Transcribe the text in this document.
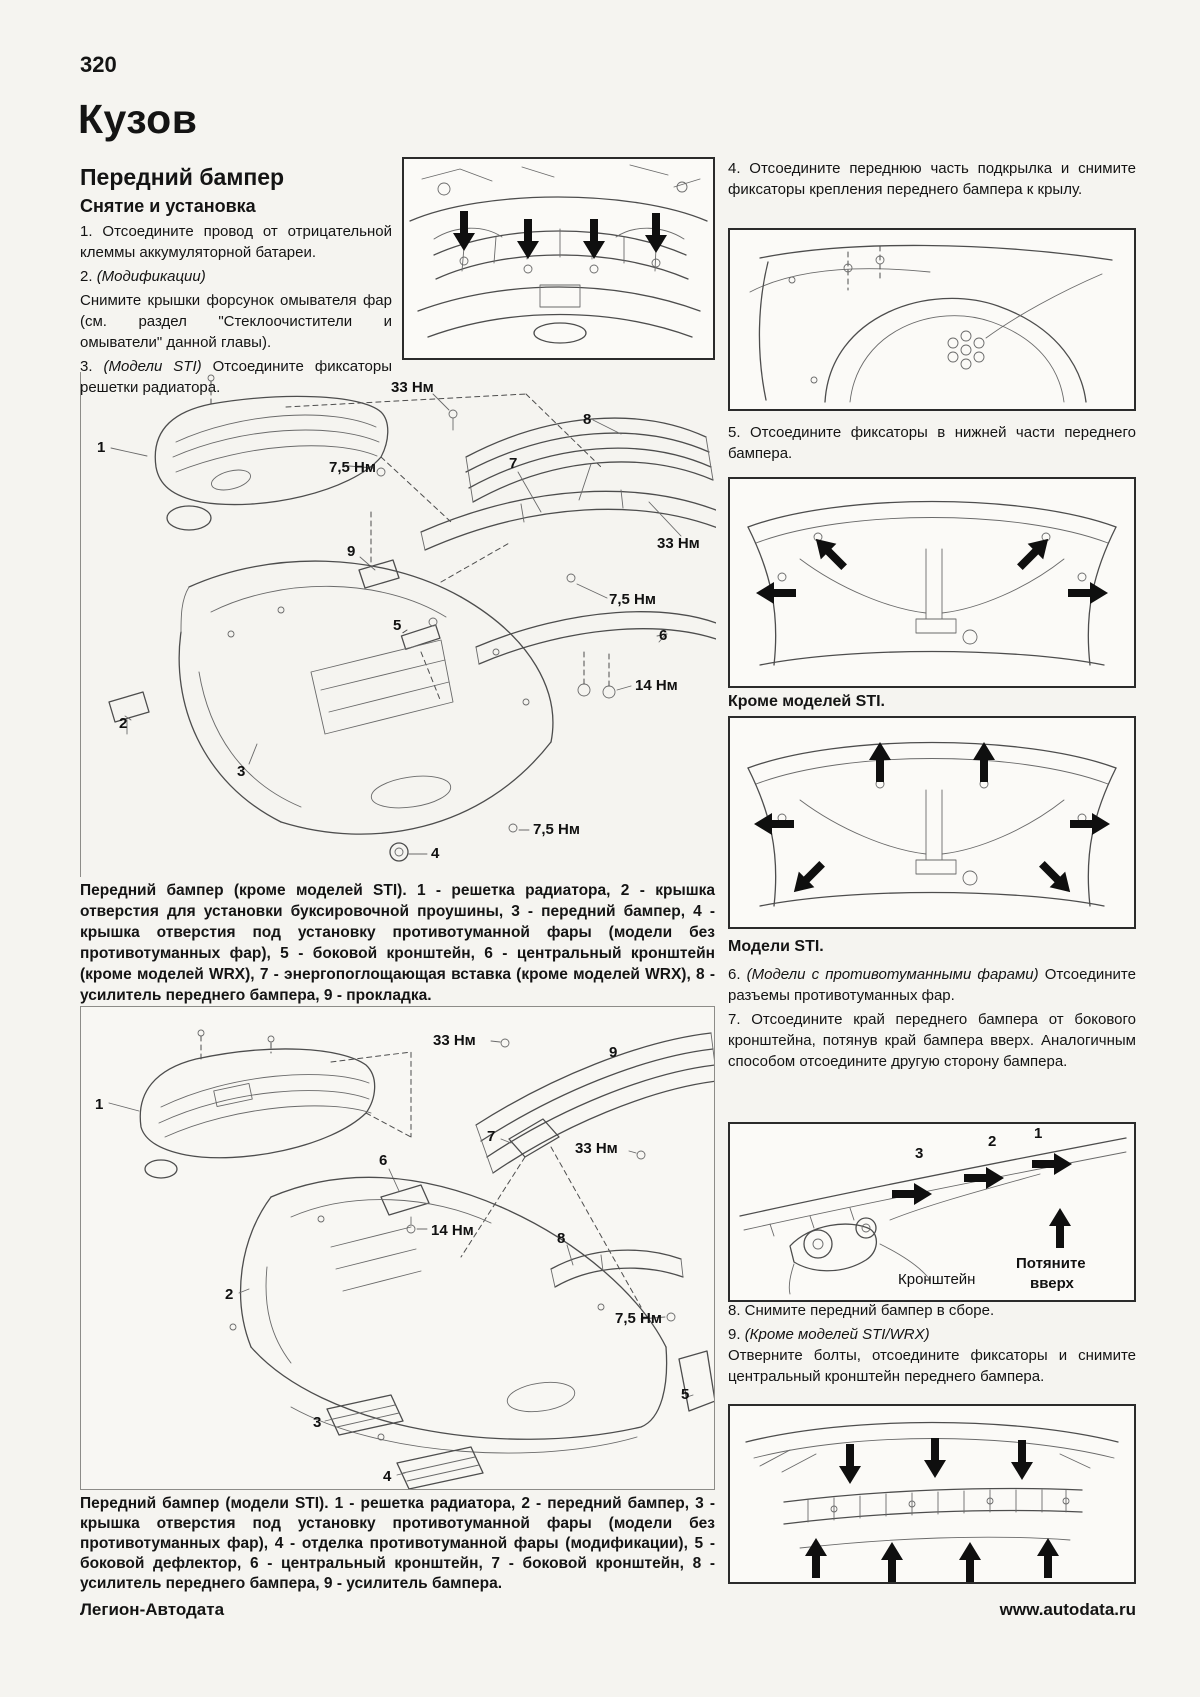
320
Кузов
Передний бампер
Снятие и установка

1. Отсоедините провод от отрицательной клеммы аккумуляторной батареи.

2. (Модификации)

Снимите крышки форсунок омывателя фар (см. раздел "Стеклоочистители и омыватели" данной главы).

3. (Модели STI) Отсоедините фиксаторы решетки радиатора.

4. Отсоедините переднюю часть подкрылка и снимите фиксаторы крепления переднего бампера к крылу.

5. Отсоедините фиксаторы в нижней части переднего бампера.

Кроме моделей STI.
Модели STI.

6. (Модели с противотуманными фарами) Отсоедините разъемы противотуманных фар.

7. Отсоедините край переднего бампера от бокового кронштейна, потянув край бампера вверх. Аналогичным способом отсоедините другую сторону бампера.

3
2	1
Кронштейн
Потяните
вверх

8. Снимите передний бампер в сборе.

9. (Кроме моделей STI/WRX)
Отверните болты, отсоедините фиксаторы и снимите центральный кронштейн переднего бампера.

33 Нм
8
7
7,5 Нм
1
33 Нм
9
7,5 Нм
6
5
14 Нм
2
3
7,5 Нм
4
Передний бампер (кроме моделей STI). 1 - решетка радиатора, 2 - крышка отверстия для установки буксировочной проушины, 3 - передний бампер, 4 - крышка отверстия под установку противотуманной фары (модели без противотуманных фар), 5 - боковой кронштейн, 6 - центральный кронштейн (кроме моделей WRX), 7 - энергопоглощающая вставка (кроме моделей WRX), 8 - усилитель переднего бампера, 9 - прокладка.
33 Нм
9
33 Нм
7
6
1
14 Нм	8
2
7,5 Нм
5
3
4
Передний бампер (модели STI). 1 - решетка радиатора, 2 - передний бампер, 3 - крышка отверстия под установку противотуманной фары (модели без противотуманных фар), 4 - отделка противотуманной фары (модификации), 5 - боковой дефлектор, 6 - центральный кронштейн, 7 - боковой кронштейн, 8 - усилитель переднего бампера, 9 - усилитель бампера.
Легион-Автодата	www.autodata.ru
